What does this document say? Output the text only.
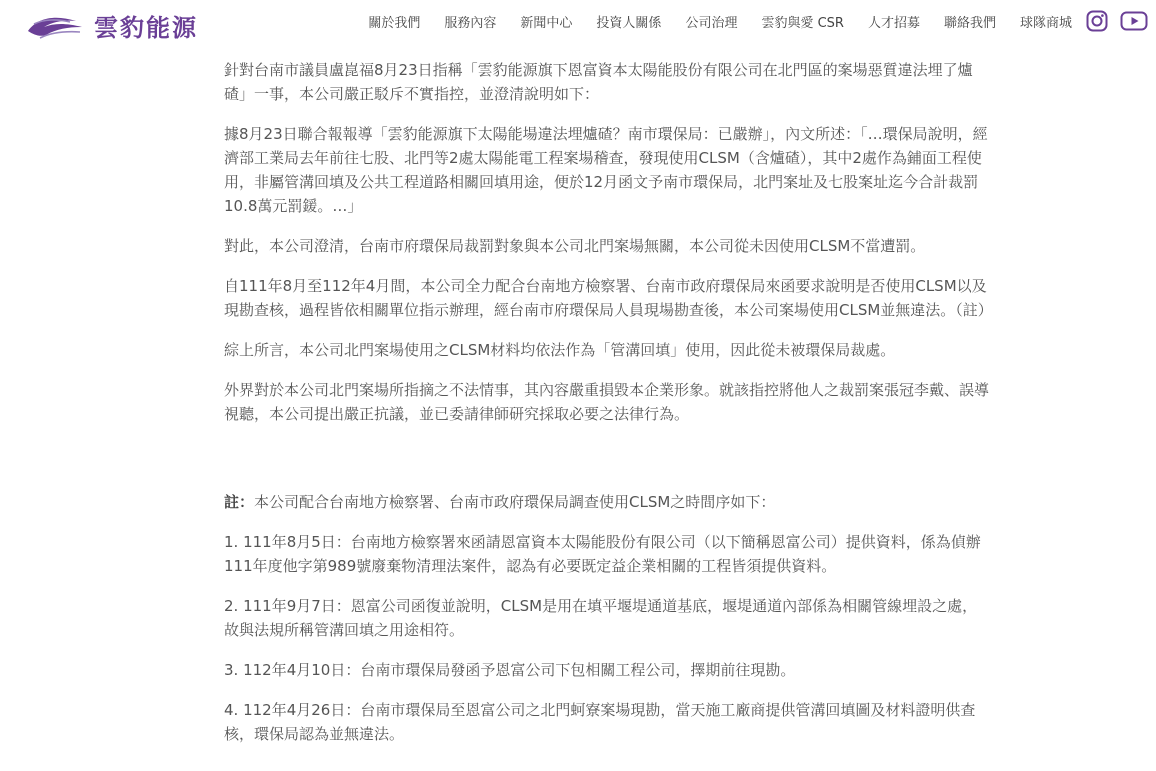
雲豹能源	關於我們 服務內容 新聞中心 投資人關係 公司治理 雲豹與愛 CSR 人才招募 聯絡我們 球隊商城

針對台南市議員盧崑福8月23日指稱「雲豹能源旗下恩富資本太陽能股份有限公司在北門區的案場惡質違法埋了爐碴」一事，本公司嚴正駁斥不實指控，並澄清說明如下：

據8月23日聯合報報導「雲豹能源旗下太陽能場違法埋爐碴？南市環保局：已嚴辦」，內文所述：「…環保局說明，經濟部工業局去年前往七股、北門等2處太陽能電工程案場稽查，發現使用CLSM（含爐碴），其中2處作為鋪面工程使用，非屬管溝回填及公共工程道路相關回填用途，便於12月函文予南市環保局，北門案址及七股案址迄今合計裁罰10.8萬元罰鍰。…」

對此，本公司澄清，台南市府環保局裁罰對象與本公司北門案場無關，本公司從未因使用CLSM不當遭罰。

自111年8月至112年4月間，本公司全力配合台南地方檢察署、台南市政府環保局來函要求說明是否使用CLSM以及現勘查核，過程皆依相關單位指示辦理，經台南市府環保局人員現場勘查後，本公司案場使用CLSM並無違法。（註）

綜上所言，本公司北門案場使用之CLSM材料均依法作為「管溝回填」使用，因此從未被環保局裁處。

外界對於本公司北門案場所指摘之不法情事，其內容嚴重損毀本企業形象。就該指控將他人之裁罰案張冠李戴、誤導視聽，本公司提出嚴正抗議，並已委請律師研究採取必要之法律行為。

註：本公司配合台南地方檢察署、台南市政府環保局調查使用CLSM之時間序如下：

1. 111年8月5日：台南地方檢察署來函請恩富資本太陽能股份有限公司（以下簡稱恩富公司）提供資料，係為偵辦111年度他字第989號廢棄物清理法案件，認為有必要既定益企業相關的工程皆須提供資料。

2. 111年9月7日：恩富公司函復並說明，CLSM是用在填平堰堤通道基底，堰堤通道內部係為相關管線埋設之處，故與法規所稱管溝回填之用途相符。

3. 112年4月10日：台南市環保局發函予恩富公司下包相關工程公司，擇期前往現勘。

4. 112年4月26日：台南市環保局至恩富公司之北門蚵寮案場現勘，當天施工廠商提供管溝回填圖及材料證明供查核，環保局認為並無違法。
